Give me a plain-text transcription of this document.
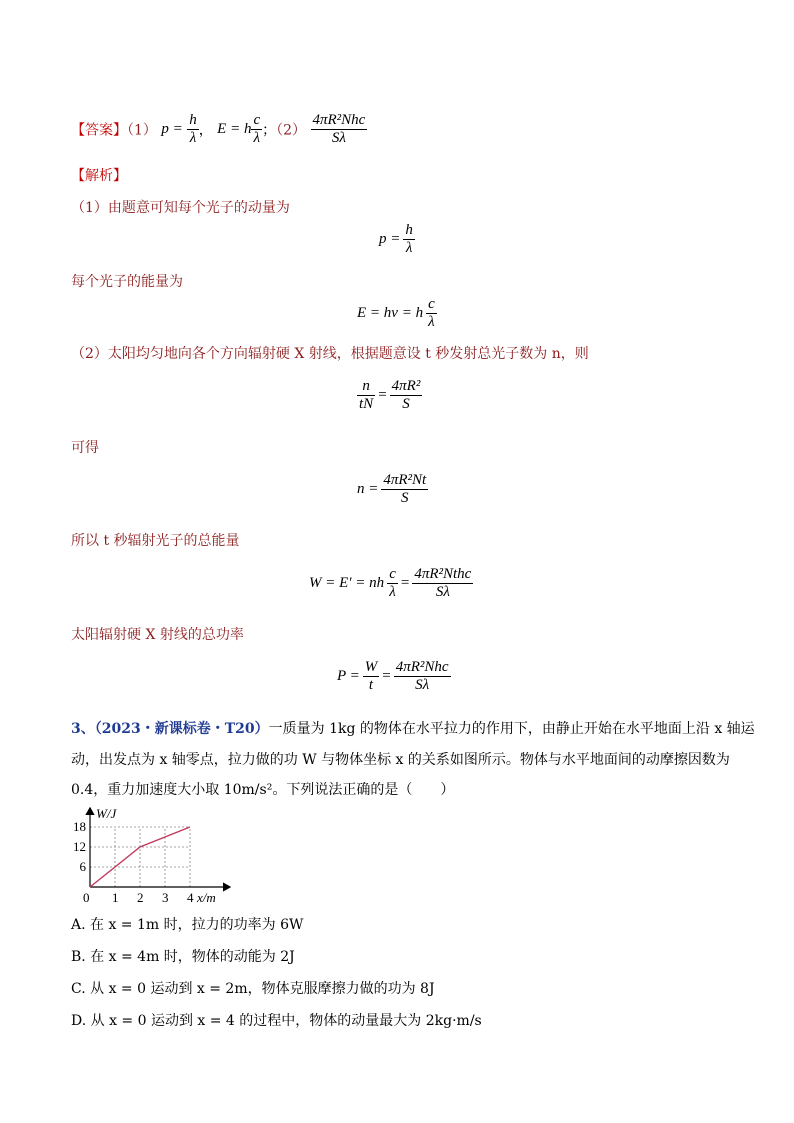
【答案】（1） $p = \frac{h}{\lambda}$ ， E = h $\frac{c}{\lambda}$ ；$(2) \frac{\text{4πR²Nhc}}{S\lambda}$
【解析】
（1）由题意可知每个光子的动量为
$p = \frac{h}{\lambda}$
每个光子的能量为
E = hν = h $\frac{c}{\lambda}$
（2）太阳均匀地向各个方向辐射硬 X 射线，根据题意设 t 秒发射总光子数为 n，则
$\frac{n}{tN} = \frac{\text{4πR²}}{S}$
可得
$n = \frac{\text{4πR²Nt}}{S}$
所以 t 秒辐射光子的总能量
W = E′ = nh $\frac{c}{\lambda} = \frac{\text{4πR²Nthc}}{S\lambda}$
太阳辐射硬 X 射线的总功率
$P = \frac{W}{t} = \frac{\text{4πR²Nhc}}{S\lambda}$
3、（2023・新课标卷・T20）一质量为 1kg 的物体在水平拉力的作用下，由静止开始在水平地面上沿 x 轴运
动，出发点为 x 轴零点，拉力做的功 W 与物体坐标 x 的关系如图所示。物体与水平地面间的动摩擦因数为
0.4，重力加速度大小取 10m/s²。下列说法正确的是（　　）
0 1 2 3 4
6
12
18
W/J
x/m
A. 在 x = 1m 时，拉力的功率为 6W
B. 在 x = 4m 时，物体的动能为 2J
C. 从 x = 0 运动到 x = 2m，物体克服摩擦力做的功为 8J
D. 从 x = 0 运动到 x = 4 的过程中，物体的动量最大为 2kg·m/s
